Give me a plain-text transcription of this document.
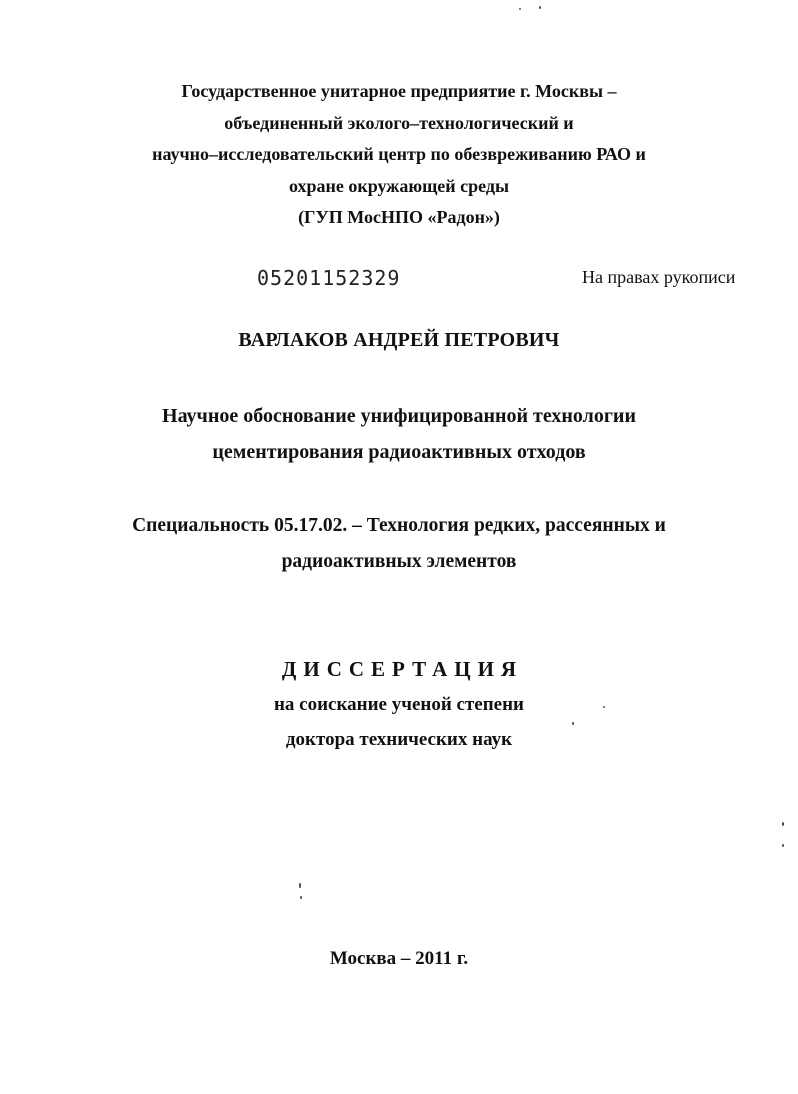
Государственное унитарное предприятие г. Москвы –
объединенный эколого–технологический и
научно–исследовательский центр по обезвреживанию РАО и
охране окружающей среды
(ГУП МосНПО «Радон»)
05201152329	На правах рукописи
ВАРЛАКОВ АНДРЕЙ ПЕТРОВИЧ
Научное обоснование унифицированной технологии
цементирования радиоактивных отходов
Специальность 05.17.02. – Технология редких, рассеянных и
радиоактивных элементов
ДИССЕРТАЦИЯ
на соискание ученой степени
доктора технических наук
Москва – 2011 г.
